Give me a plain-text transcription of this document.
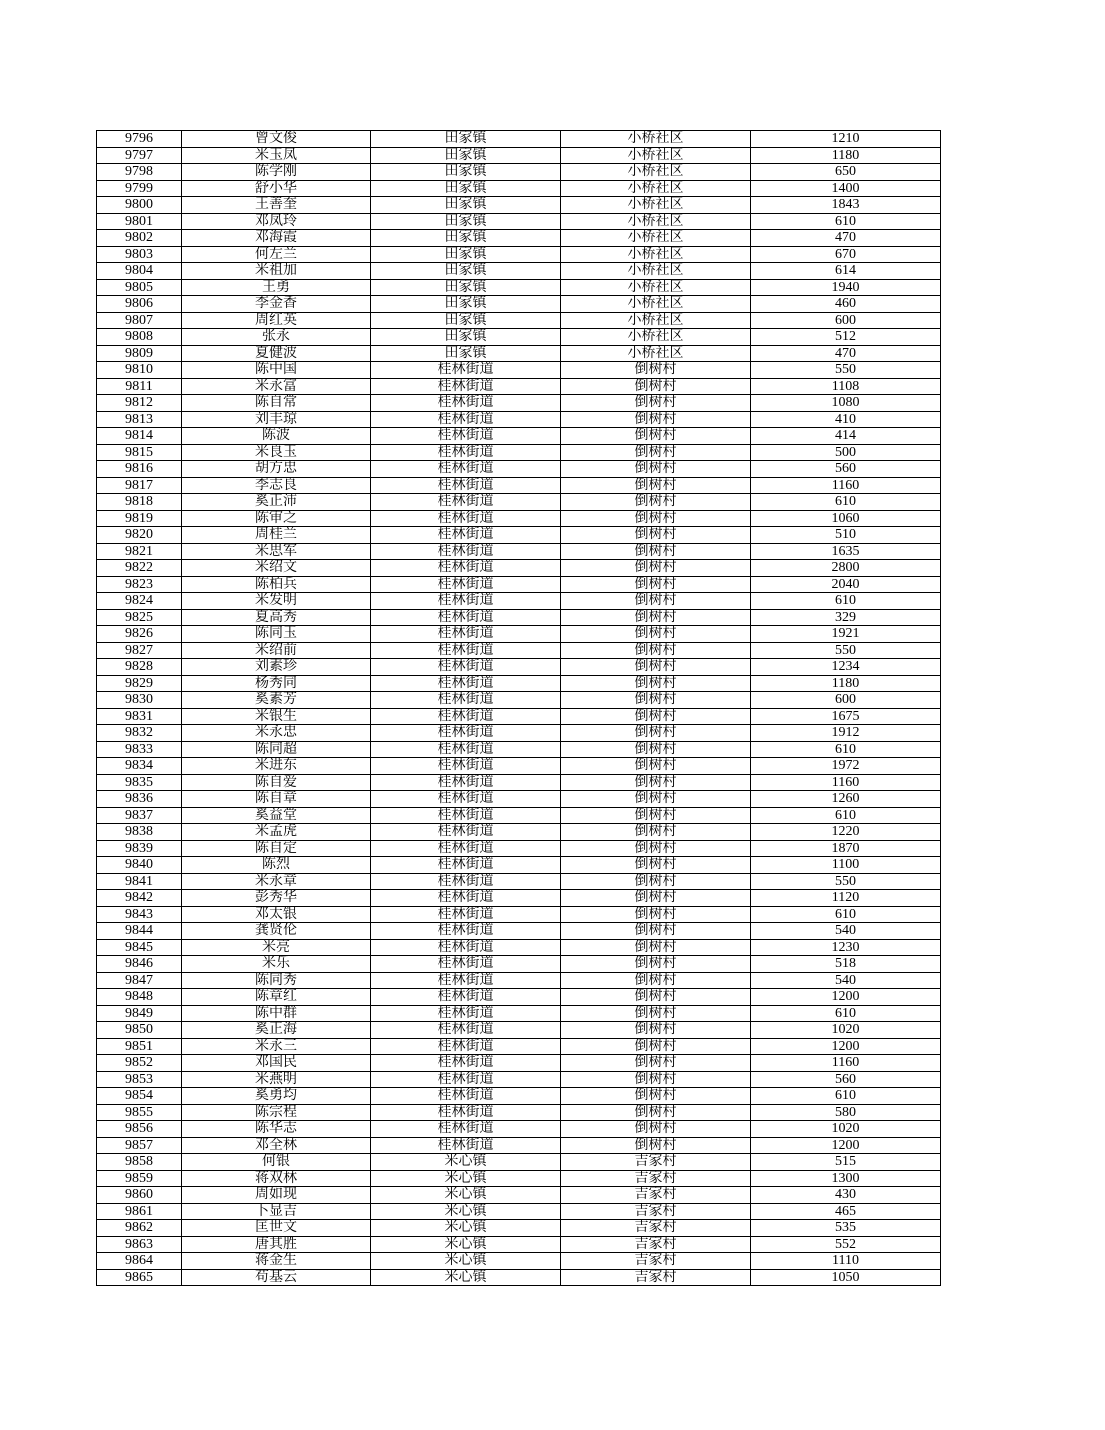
9796	曾文俊	田家镇	小桥社区	1210
9797	米玉凤	田家镇	小桥社区	1180
9798	陈学刚	田家镇	小桥社区	650
9799	舒小华	田家镇	小桥社区	1400
9800	王善奎	田家镇	小桥社区	1843
9801	邓凤玲	田家镇	小桥社区	610
9802	邓海霞	田家镇	小桥社区	470
9803	何左兰	田家镇	小桥社区	670
9804	米祖加	田家镇	小桥社区	614
9805	王勇	田家镇	小桥社区	1940
9806	李金香	田家镇	小桥社区	460
9807	周红英	田家镇	小桥社区	600
9808	张永	田家镇	小桥社区	512
9809	夏健波	田家镇	小桥社区	470
9810	陈中国	桂林街道	倒树村	550
9811	米永富	桂林街道	倒树村	1108
9812	陈自常	桂林街道	倒树村	1080
9813	刘丰琼	桂林街道	倒树村	410
9814	陈波	桂林街道	倒树村	414
9815	米良玉	桂林街道	倒树村	500
9816	胡方忠	桂林街道	倒树村	560
9817	李志良	桂林街道	倒树村	1160
9818	奚正沛	桂林街道	倒树村	610
9819	陈审之	桂林街道	倒树村	1060
9820	周桂兰	桂林街道	倒树村	510
9821	米思军	桂林街道	倒树村	1635
9822	米绍文	桂林街道	倒树村	2800
9823	陈柏兵	桂林街道	倒树村	2040
9824	米发明	桂林街道	倒树村	610
9825	夏高秀	桂林街道	倒树村	329
9826	陈同玉	桂林街道	倒树村	1921
9827	米绍前	桂林街道	倒树村	550
9828	刘素珍	桂林街道	倒树村	1234
9829	杨秀同	桂林街道	倒树村	1180
9830	奚素芳	桂林街道	倒树村	600
9831	米银生	桂林街道	倒树村	1675
9832	米永忠	桂林街道	倒树村	1912
9833	陈同超	桂林街道	倒树村	610
9834	米进东	桂林街道	倒树村	1972
9835	陈自爱	桂林街道	倒树村	1160
9836	陈自章	桂林街道	倒树村	1260
9837	奚益堂	桂林街道	倒树村	610
9838	米孟虎	桂林街道	倒树村	1220
9839	陈自定	桂林街道	倒树村	1870
9840	陈烈	桂林街道	倒树村	1100
9841	米永章	桂林街道	倒树村	550
9842	彭秀华	桂林街道	倒树村	1120
9843	邓太银	桂林街道	倒树村	610
9844	龚贤伦	桂林街道	倒树村	540
9845	米亮	桂林街道	倒树村	1230
9846	米乐	桂林街道	倒树村	518
9847	陈同秀	桂林街道	倒树村	540
9848	陈章红	桂林街道	倒树村	1200
9849	陈中群	桂林街道	倒树村	610
9850	奚正海	桂林街道	倒树村	1020
9851	米永三	桂林街道	倒树村	1200
9852	邓国民	桂林街道	倒树村	1160
9853	米燕明	桂林街道	倒树村	560
9854	奚勇均	桂林街道	倒树村	610
9855	陈宗程	桂林街道	倒树村	580
9856	陈华志	桂林街道	倒树村	1020
9857	邓全林	桂林街道	倒树村	1200
9858	何银	米心镇	吉家村	515
9859	蒋双林	米心镇	吉家村	1300
9860	周如现	米心镇	吉家村	430
9861	卜显吉	米心镇	吉家村	465
9862	匡世文	米心镇	吉家村	535
9863	唐其胜	米心镇	吉家村	552
9864	蒋金生	米心镇	吉家村	1110
9865	苟基云	米心镇	吉家村	1050
